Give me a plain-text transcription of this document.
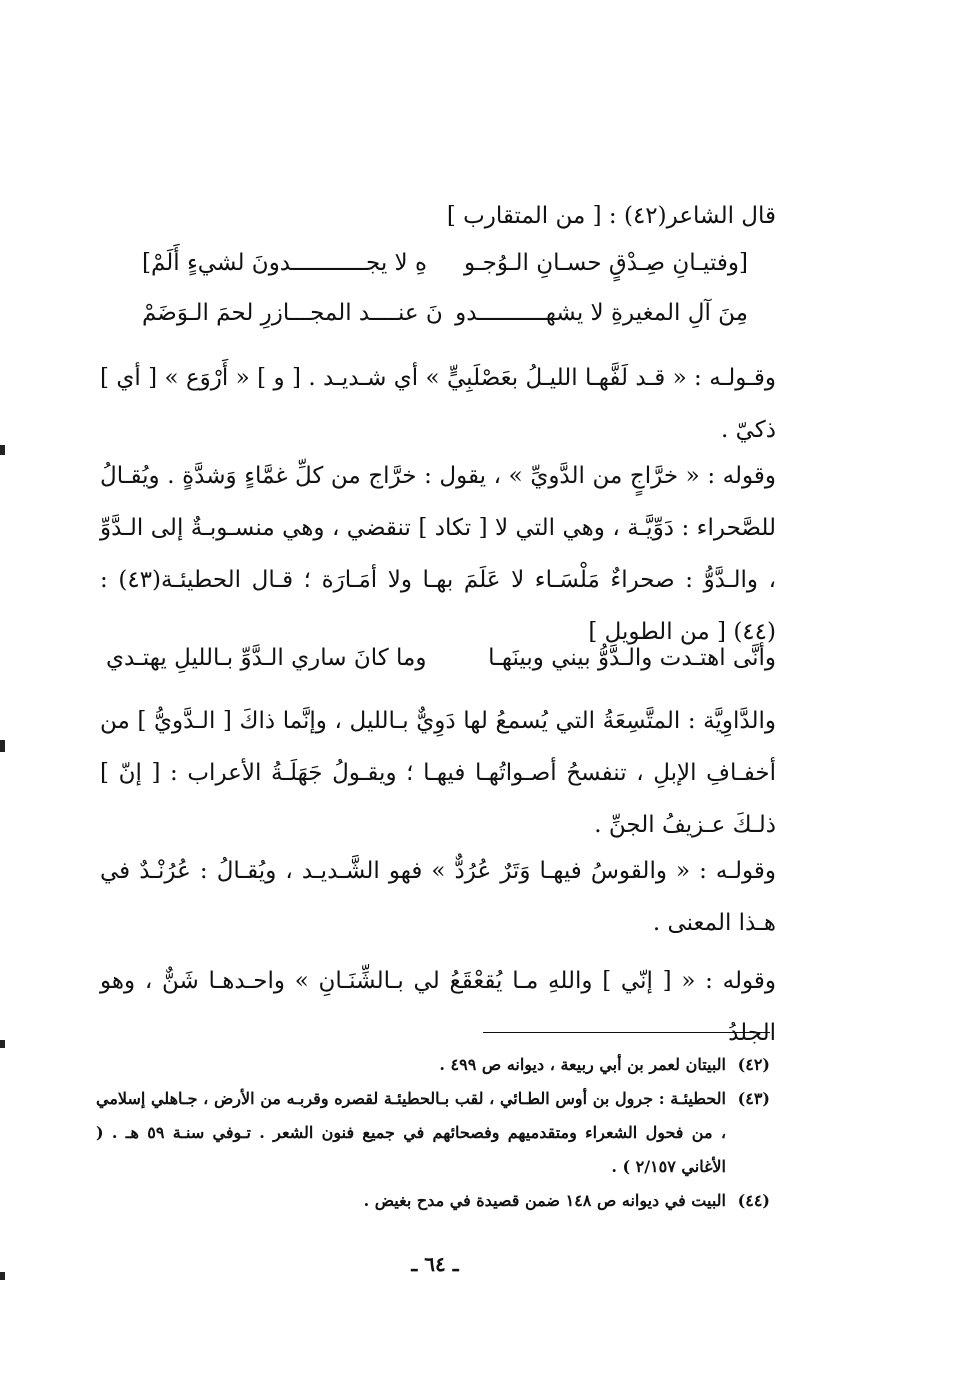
قال الشاعر(٤٢) : [ من المتقارب ]
[وفتيـانِ صِـدْقٍ حسـانِ الـوُجـو
هِ لا يجـــــــــــدونَ لشيءٍ أَلَمْ]
مِنَ آلِ المغيرةِ لا يشهــــــــــدو
نَ عنــــد المجـــازرِ لحمَ الـوَضَمْ
وقـولـه : « قـد لَفَّهـا الليـلُ بعَصْلَبِيٍّ » أي شـديـد . [ و ] « أَرْوَع » [ أي ] ذكيّ .
وقوله : « خرَّاجٍ من الدَّويِّ » ، يقول : خرَّاج من كلِّ غمَّاءٍ وَشدَّةٍ . ويُقـالُ للصَّحراء : دَوِّيَّـة ، وهي التي لا [ تكاد ] تنقضي ، وهي منسـوبـةٌ إلى الـدَّوِّ ، والـدَّوُّ : صحراءٌ مَلْسَـاء لا عَلَمَ بهـا ولا أمَـارَة ؛ قـال الحطيئـة(٤٣) :(٤٤) [ من الطويل ]
وأنَّى اهتـدت والـدَّوُّ بيني وبينَهـا
وما كانَ ساري الـدَّوِّ بـالليلِ يهتـدي
والدَّاوِيَّة : المتَّسِعَةُ التي يُسمعُ لها دَوِيٌّ بـالليل ، وإنَّما ذاكَ [ الـدَّويُّ ] من أخفـافِ الإبلِ ، تنفسحُ أصـواتُهـا فيهـا ؛ ويقـولُ جَهَلَـةُ الأعراب : [ إنّ ] ذلـكَ عـزيفُ الجنِّ .
وقولـه : « والقوسُ فيهـا وَتَرٌ عُرُدٌّ » فهو الشَّـديـد ، ويُقـالُ : عُرُنْـدٌ في هـذا المعنى .
وقوله : « [ إنّي ] واللهِ مـا يُقعْقَعُ لي بـالشِّنَـانِ » واحـدهـا شَنٌّ ، وهو الجلدُ
(٤٢)
البيتان لعمر بن أبي ربيعة ، ديوانه ص ٤٩٩ .
(٤٣)
الحطيئـة : جرول بن أوس الطـائي ، لقب بـالحطيئـة لقصره وقربـه من الأرض ، جـاهلي إسلامي ، من فحول الشعراء ومتقدميهم وفصحائهم في جميع فنون الشعر . تـوفي سنـة ٥٩ هـ . ( الأغاني ٢/١٥٧ ) .
(٤٤)
البيت في ديوانه ص ١٤٨ ضمن قصيدة في مدح بغيض .
ـ ٦٤ ـ
